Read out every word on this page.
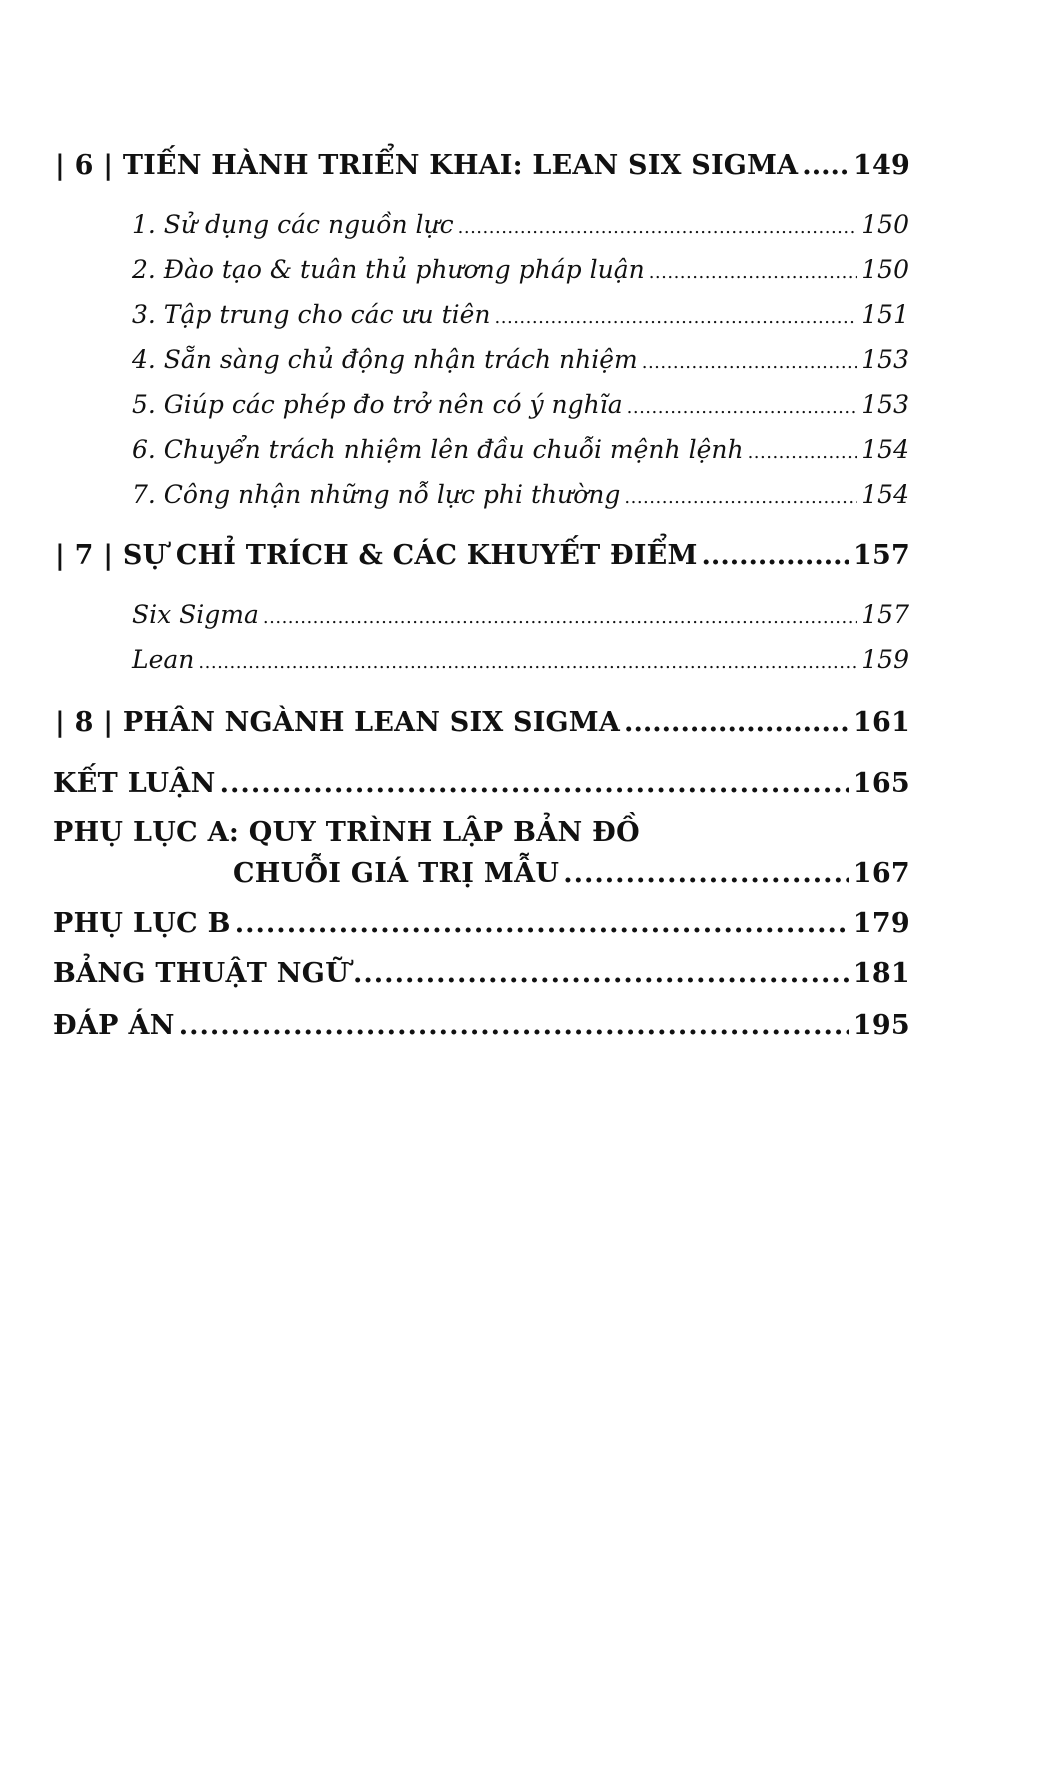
| 6 | TIẾN HÀNH TRIỂN KHAI: LEAN SIX SIGMA ..... 149
1. Sử dụng các nguồn lực .....	150
2. Đào tạo & tuân thủ phương pháp luận .....	150
3. Tập trung cho các ưu tiên .....	151
4. Sẵn sàng chủ động nhận trách nhiệm .....	153
5. Giúp các phép đo trở nên có ý nghĩa .....	153
6. Chuyển trách nhiệm lên đầu chuỗi mệnh lệnh .....	154
7. Công nhận những nỗ lực phi thường .....	154
| 7 | SỰ CHỈ TRÍCH & CÁC KHUYẾT ĐIỂM .....	157
Six Sigma .....	157
Lean .....	159
| 8 | PHÂN NGÀNH LEAN SIX SIGMA .....	161
KẾT LUẬN .....	165
PHỤ LỤC A: QUY TRÌNH LẬP BẢN ĐỒ
CHUỖI GIÁ TRỊ MẪU .....	167
PHỤ LỤC B .....	179
BẢNG THUẬT NGỮ .....	181
ĐÁP ÁN .....	195
